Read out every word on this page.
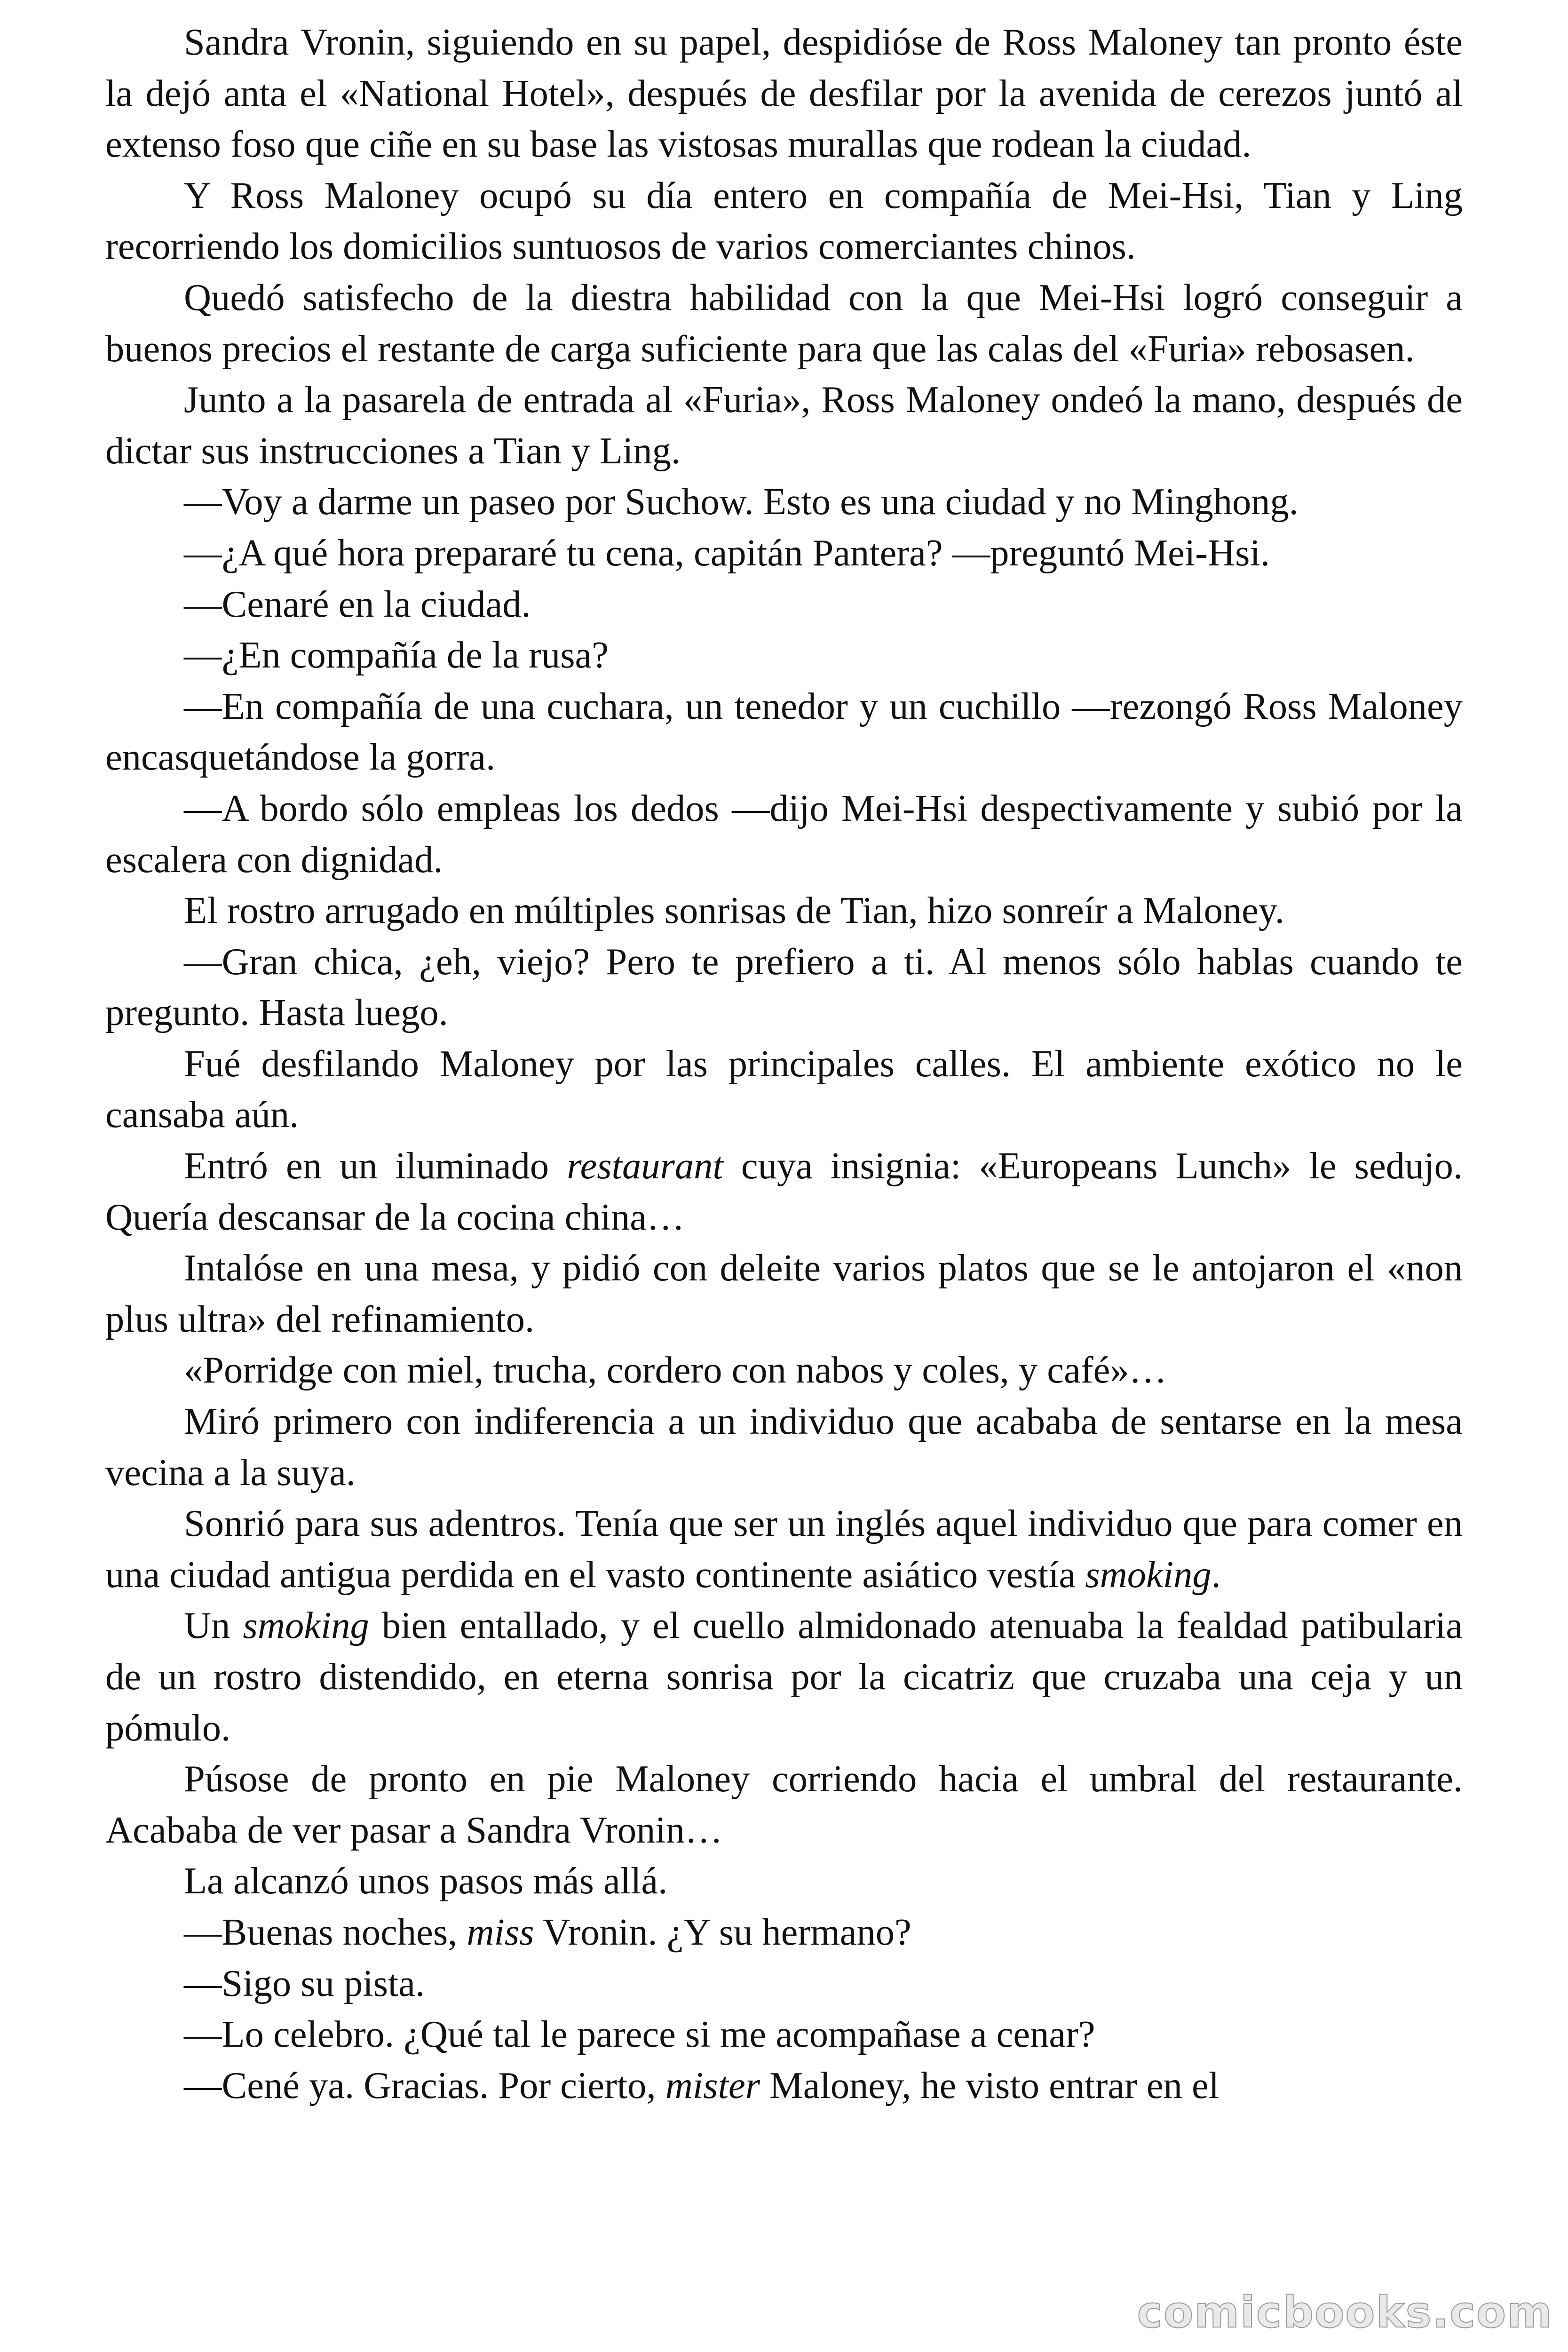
Sandra Vronin, siguiendo en su papel, despidióse de Ross Maloney tan pronto éste la dejó anta el «National Hotel», después de desfilar por la avenida de cerezos juntó al extenso foso que ciñe en su base las vistosas murallas que rodean la ciudad.

Y Ross Maloney ocupó su día entero en compañía de Mei-Hsi, Tian y Ling recorriendo los domicilios suntuosos de varios comerciantes chinos.

Quedó satisfecho de la diestra habilidad con la que Mei-Hsi logró conseguir a buenos precios el restante de carga suficiente para que las calas del «Furia» rebosasen.

Junto a la pasarela de entrada al «Furia», Ross Maloney ondeó la mano, después de dictar sus instrucciones a Tian y Ling.

—Voy a darme un paseo por Suchow. Esto es una ciudad y no Minghong.

—¿A qué hora prepararé tu cena, capitán Pantera? —preguntó Mei-Hsi.

—Cenaré en la ciudad.

—¿En compañía de la rusa?

—En compañía de una cuchara, un tenedor y un cuchillo —rezongó Ross Maloney encasquetándose la gorra.

—A bordo sólo empleas los dedos —dijo Mei-Hsi despectivamente y subió por la escalera con dignidad.

El rostro arrugado en múltiples sonrisas de Tian, hizo sonreír a Maloney.

—Gran chica, ¿eh, viejo? Pero te prefiero a ti. Al menos sólo hablas cuando te pregunto. Hasta luego.

Fué desfilando Maloney por las principales calles. El ambiente exótico no le cansaba aún.

Entró en un iluminado restaurant cuya insignia: «Europeans Lunch» le sedujo. Quería descansar de la cocina china…

Intalóse en una mesa, y pidió con deleite varios platos que se le antojaron el «non plus ultra» del refinamiento.

«Porridge con miel, trucha, cordero con nabos y coles, y café»…

Miró primero con indiferencia a un individuo que acababa de sentarse en la mesa vecina a la suya.

Sonrió para sus adentros. Tenía que ser un inglés aquel individuo que para comer en una ciudad antigua perdida en el vasto continente asiático vestía smoking.

Un smoking bien entallado, y el cuello almidonado atenuaba la fealdad patibularia de un rostro distendido, en eterna sonrisa por la cicatriz que cruzaba una ceja y un pómulo.

Púsose de pronto en pie Maloney corriendo hacia el umbral del restaurante. Acababa de ver pasar a Sandra Vronin…

La alcanzó unos pasos más allá.

—Buenas noches, miss Vronin. ¿Y su hermano?

—Sigo su pista.

—Lo celebro. ¿Qué tal le parece si me acompañase a cenar?

—Cené ya. Gracias. Por cierto, mister Maloney, he visto entrar en el

comicbooks.com
